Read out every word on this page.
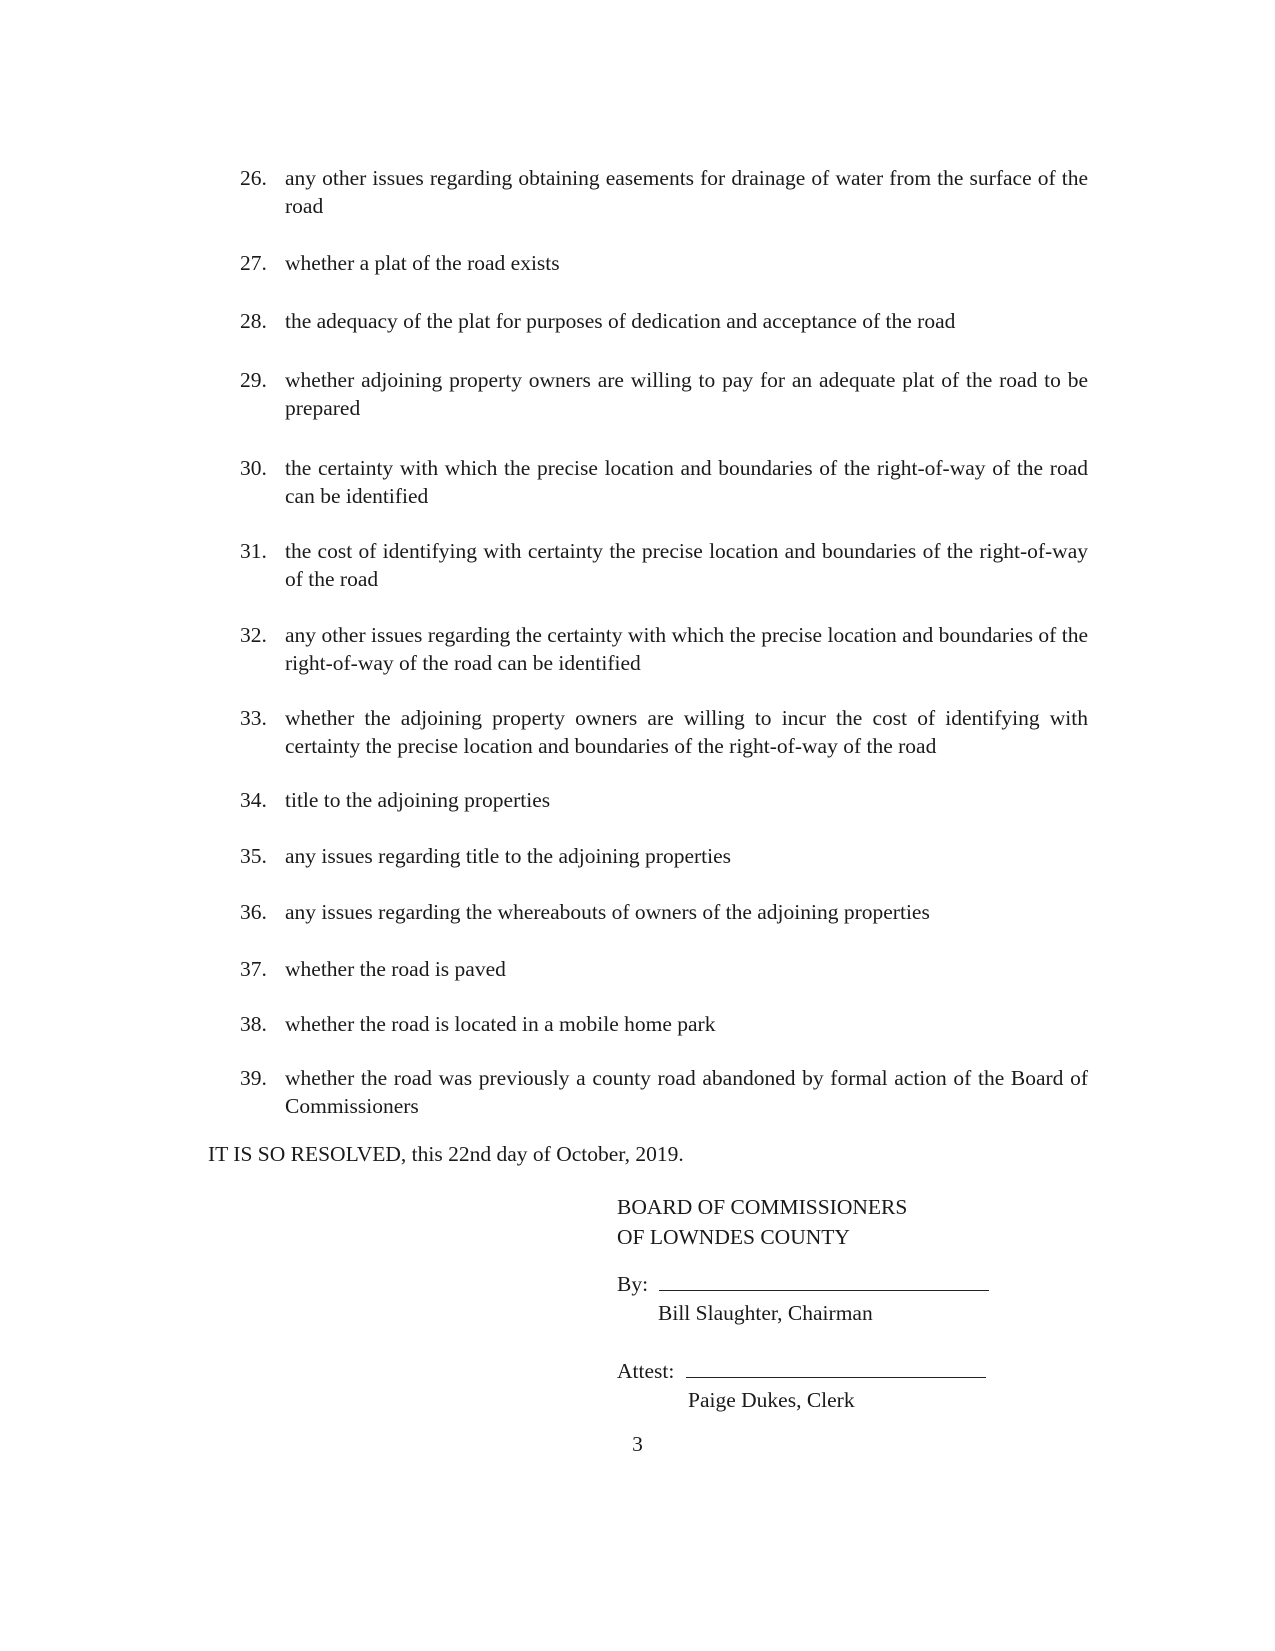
26. any other issues regarding obtaining easements for drainage of water from the surface of the road
27. whether a plat of the road exists
28. the adequacy of the plat for purposes of dedication and acceptance of the road
29. whether adjoining property owners are willing to pay for an adequate plat of the road to be prepared
30. the certainty with which the precise location and boundaries of the right-of-way of the road can be identified
31. the cost of identifying with certainty the precise location and boundaries of the right-of-way of the road
32. any other issues regarding the certainty with which the precise location and boundaries of the right-of-way of the road can be identified
33. whether the adjoining property owners are willing to incur the cost of identifying with certainty the precise location and boundaries of the right-of-way of the road
34. title to the adjoining properties
35. any issues regarding title to the adjoining properties
36. any issues regarding the whereabouts of owners of the adjoining properties
37. whether the road is paved
38. whether the road is located in a mobile home park
39. whether the road was previously a county road abandoned by formal action of the Board of Commissioners
IT IS SO RESOLVED, this 22nd day of October, 2019.
BOARD OF COMMISSIONERS
OF LOWNDES COUNTY
By:
Bill Slaughter, Chairman
Attest:
Paige Dukes, Clerk
3
